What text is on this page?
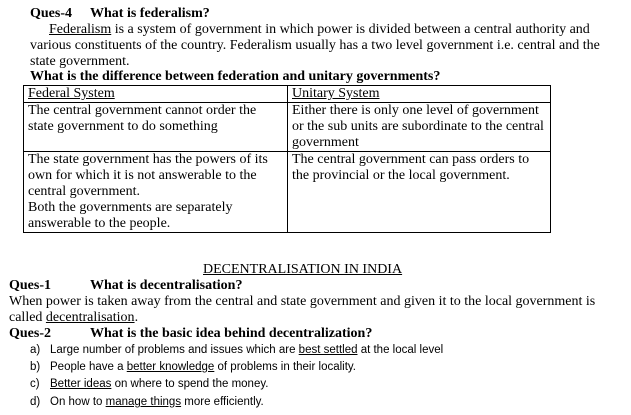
Ques-4 What is federalism?
Federalism is a system of government in which power is divided between a central authority and
various constituents of the country. Federalism usually has a two level government i.e. central and the
state government.
What is the difference between federation and unitary governments?
Federal System	Unitary System

The central government cannot order the
state government to do something	Either there is only one level of government
or the sub units are subordinate to the central
government

The state government has the powers of its
own for which it is not answerable to the
central government.
Both the governments are separately
answerable to the people.	The central government can pass orders to
the provincial or the local government.
DECENTRALISATION IN INDIA
Ques-1	What is decentralisation?
When power is taken away from the central and state government and given it to the local government is
called decentralisation.
Ques-2	What is the basic idea behind decentralization?
a) Large number of problems and issues which are best settled at the local level
b) People have a better knowledge of problems in their locality.
c) Better ideas on where to spend the money.
d) On how to manage things more efficiently.
